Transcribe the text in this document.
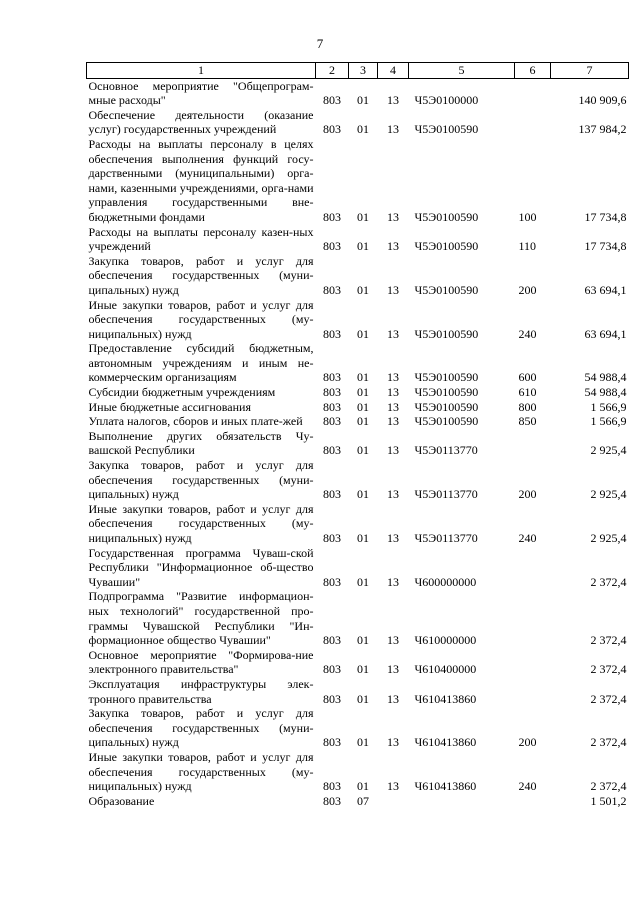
7
1	2	3	4	5	6	7
Основное мероприятие "Общепрограм-мные расходы"	803	01	13	Ч5Э0100000		140 909,6
Обеспечение деятельности (оказание услуг) государственных учреждений	803	01	13	Ч5Э0100590		137 984,2
Расходы на выплаты персоналу в целях обеспечения выполнения функций госу-дарственными (муниципальными) орга-нами, казенными учреждениями, орга-нами управления государственными вне-бюджетными фондами	803	01	13	Ч5Э0100590	100	17 734,8
Расходы на выплаты персоналу казен-ных учреждений	803	01	13	Ч5Э0100590	110	17 734,8
Закупка товаров, работ и услуг для обеспечения государственных (муни-ципальных) нужд	803	01	13	Ч5Э0100590	200	63 694,1
Иные закупки товаров, работ и услуг для обеспечения государственных (му-ниципальных) нужд	803	01	13	Ч5Э0100590	240	63 694,1
Предоставление субсидий бюджетным, автономным учреждениям и иным не-коммерческим организациям	803	01	13	Ч5Э0100590	600	54 988,4
Субсидии бюджетным учреждениям	803	01	13	Ч5Э0100590	610	54 988,4
Иные бюджетные ассигнования	803	01	13	Ч5Э0100590	800	1 566,9
Уплата налогов, сборов и иных плате-жей	803	01	13	Ч5Э0100590	850	1 566,9
Выполнение других обязательств Чу-вашской Республики	803	01	13	Ч5Э0113770		2 925,4
Закупка товаров, работ и услуг для обеспечения государственных (муни-ципальных) нужд	803	01	13	Ч5Э0113770	200	2 925,4
Иные закупки товаров, работ и услуг для обеспечения государственных (му-ниципальных) нужд	803	01	13	Ч5Э0113770	240	2 925,4
Государственная программа Чуваш-ской Республики "Информационное об-щество Чувашии"	803	01	13	Ч600000000		2 372,4
Подпрограмма "Развитие информацион-ных технологий" государственной про-граммы Чувашской Республики "Ин-формационное общество Чувашии"	803	01	13	Ч610000000		2 372,4
Основное мероприятие "Формирова-ние электронного правительства"	803	01	13	Ч610400000		2 372,4
Эксплуатация инфраструктуры элек-тронного правительства	803	01	13	Ч610413860		2 372,4
Закупка товаров, работ и услуг для обеспечения государственных (муни-ципальных) нужд	803	01	13	Ч610413860	200	2 372,4
Иные закупки товаров, работ и услуг для обеспечения государственных (му-ниципальных) нужд	803	01	13	Ч610413860	240	2 372,4
Образование	803	07				1 501,2
